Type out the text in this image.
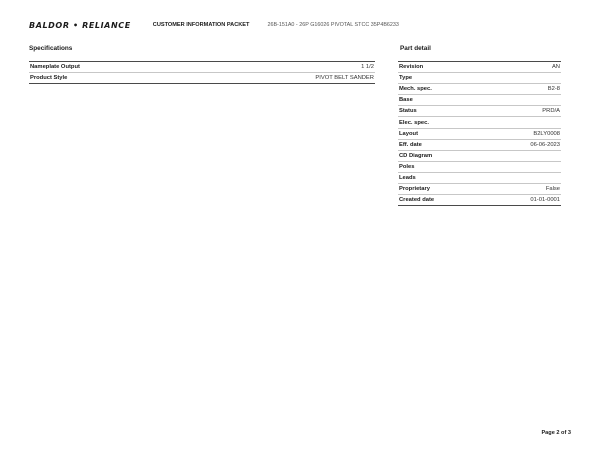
BALDOR • RELIANCE	CUSTOMER INFORMATION PACKET	26B-151A0 - 26P G16026 PIVOTAL STCC 35P4B6233
Specifications	Part detail
Nameplate Output	1 1/2
Product Style	PIVOT BELT SANDER
Revision	AN
Type
Mech. spec.	B2-8
Base
Status	PRD/A
Elec. spec.
Layout	B2LY0008
Eff. date	06-06-2023
CD Diagram
Poles
Leads
Proprietary	False
Created date	01-01-0001
Page 2 of 3
